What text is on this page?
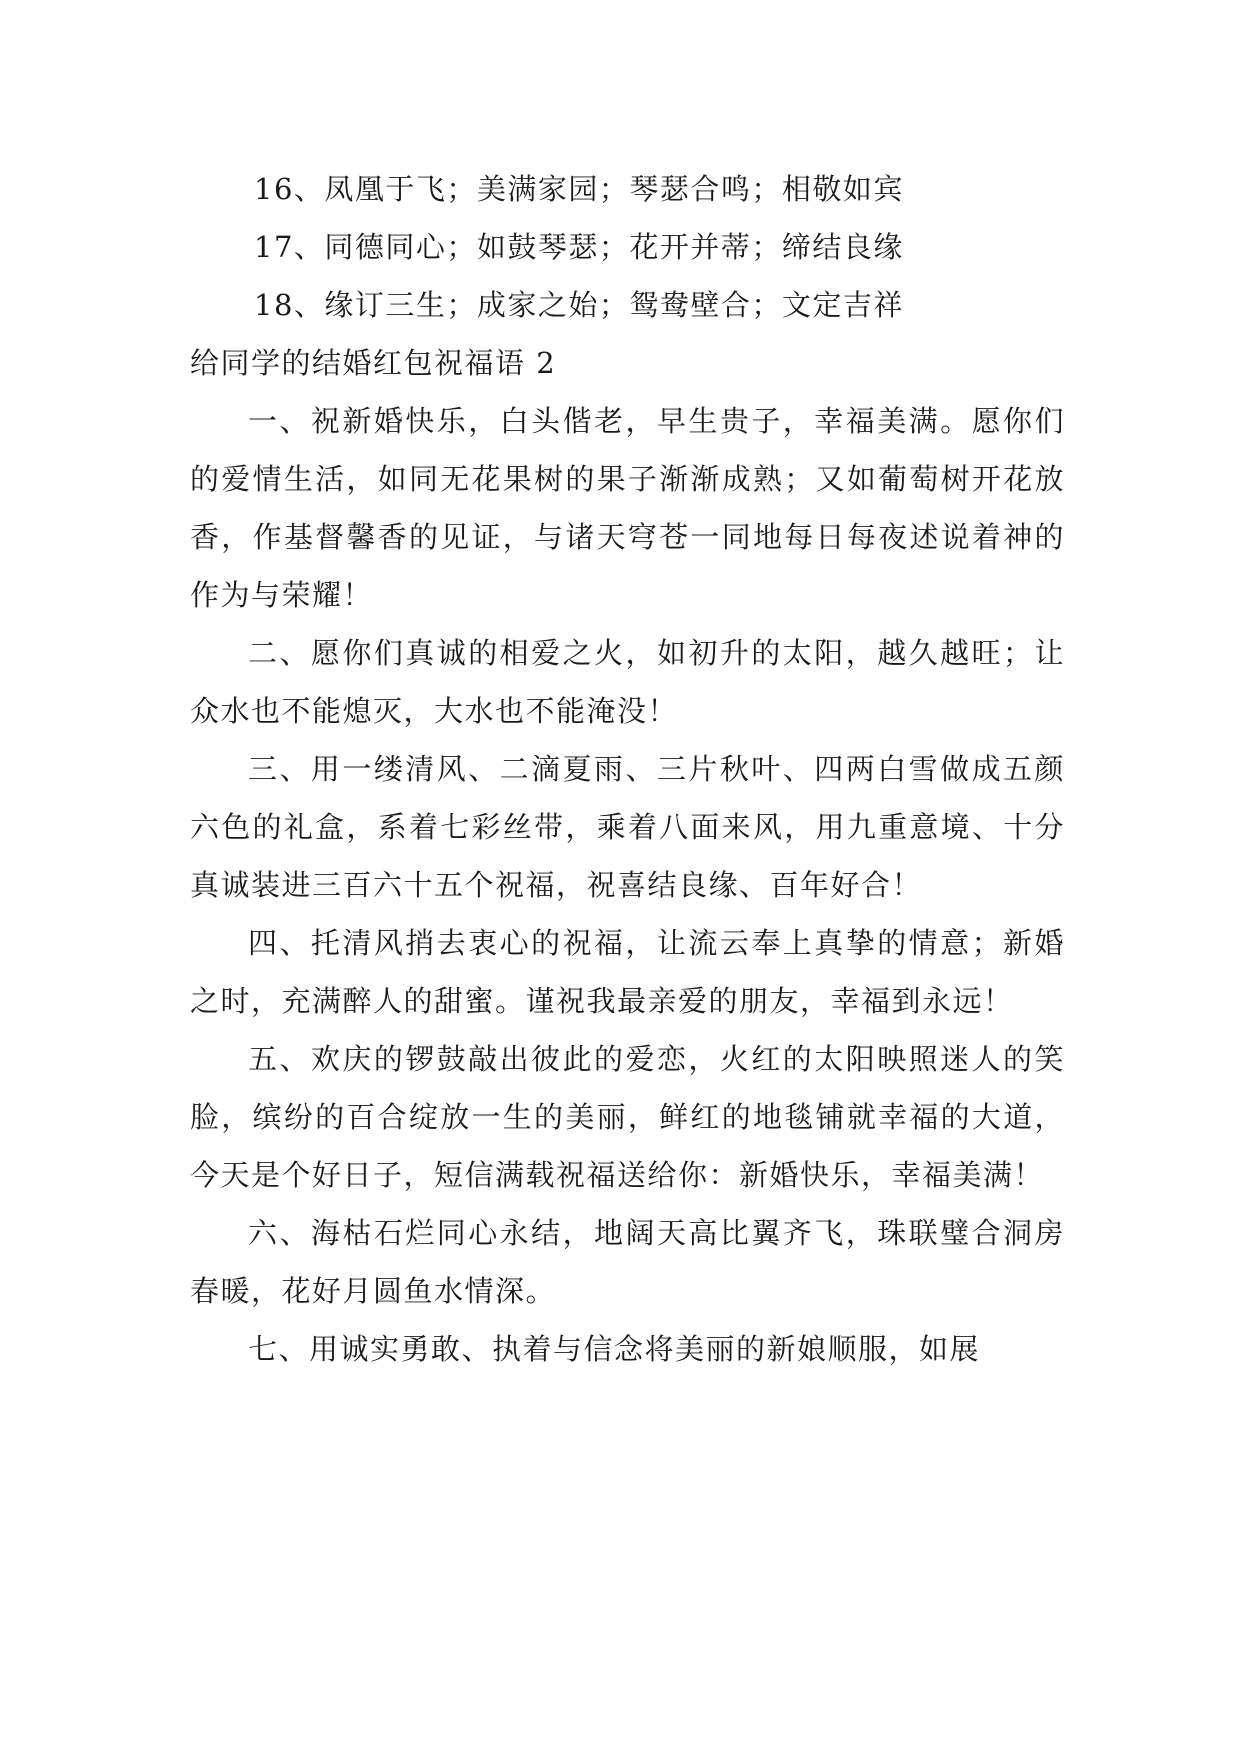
16、凤凰于飞；美满家园；琴瑟合鸣；相敬如宾

17、同德同心；如鼓琴瑟；花开并蒂；缔结良缘

18、缘订三生；成家之始；鸳鸯壁合；文定吉祥

给同学的结婚红包祝福语 2

一、祝新婚快乐，白头偕老，早生贵子，幸福美满。愿你们的爱情生活，如同无花果树的果子渐渐成熟；又如葡萄树开花放香，作基督馨香的见证，与诸天穹苍一同地每日每夜述说着神的作为与荣耀！

二、愿你们真诚的相爱之火，如初升的太阳，越久越旺；让众水也不能熄灭，大水也不能淹没！

三、用一缕清风、二滴夏雨、三片秋叶、四两白雪做成五颜六色的礼盒，系着七彩丝带，乘着八面来风，用九重意境、十分真诚装进三百六十五个祝福，祝喜结良缘、百年好合！

四、托清风捎去衷心的祝福，让流云奉上真挚的情意；新婚之时，充满醉人的甜蜜。谨祝我最亲爱的朋友，幸福到永远！

五、欢庆的锣鼓敲出彼此的爱恋，火红的太阳映照迷人的笑脸，缤纷的百合绽放一生的美丽，鲜红的地毯铺就幸福的大道，今天是个好日子，短信满载祝福送给你：新婚快乐，幸福美满！

六、海枯石烂同心永结，地阔天高比翼齐飞，珠联璧合洞房春暖，花好月圆鱼水情深。

七、用诚实勇敢、执着与信念将美丽的新娘顺服，如展
